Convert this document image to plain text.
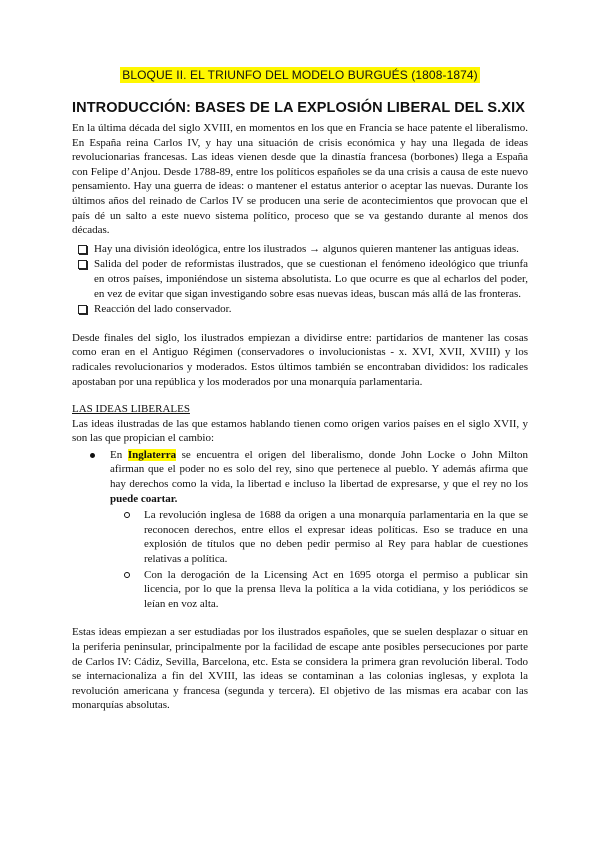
BLOQUE II. EL TRIUNFO DEL MODELO BURGUÉS (1808-1874)
INTRODUCCIÓN: BASES DE LA EXPLOSIÓN LIBERAL DEL S.XIX

En la última década del siglo XVIII, en momentos en los que en Francia se hace patente el liberalismo. En España reina Carlos IV, y hay una situación de crisis económica y hay una llegada de ideas revolucionarias francesas. Las ideas vienen desde que la dinastía francesa (borbones) llega a España con Felipe d’Anjou. Desde 1788-89, entre los políticos españoles se da una crisis a causa de este nuevo pensamiento. Hay una guerra de ideas: o mantener el estatus anterior o aceptar las nuevas. Durante los últimos años del reinado de Carlos IV se producen una serie de acontecimientos que provocan que el país dé un salto a este nuevo sistema político, proceso que se va gestando durante al menos dos décadas.

Hay una división ideológica, entre los ilustrados → algunos quieren mantener las antiguas ideas.
Salida del poder de reformistas ilustrados, que se cuestionan el fenómeno ideológico que triunfa en otros países, imponiéndose un sistema absolutista. Lo que ocurre es que al echarlos del poder, en vez de evitar que sigan investigando sobre esas nuevas ideas, buscan más allá de las fronteras.
Reacción del lado conservador.

Desde finales del siglo, los ilustrados empiezan a dividirse entre: partidarios de mantener las cosas como eran en el Antiguo Régimen (conservadores o involucionistas - x. XVI, XVII, XVIII) y los radicales revolucionarios y moderados. Estos últimos también se encontraban divididos: los radicales apostaban por una república y los moderados por una monarquía parlamentaria.

LAS IDEAS LIBERALES

Las ideas ilustradas de las que estamos hablando tienen como origen varios países en el siglo XVII, y son las que propician el cambio:

En Inglaterra se encuentra el origen del liberalismo, donde John Locke o John Milton afirman que el poder no es solo del rey, sino que pertenece al pueblo. Y además afirma que hay derechos como la vida, la libertad e incluso la libertad de expresarse, y que el rey no los puede coartar.
La revolución inglesa de 1688 da origen a una monarquía parlamentaria en la que se reconocen derechos, entre ellos el expresar ideas políticas. Eso se traduce en una explosión de títulos que no deben pedir permiso al Rey para hablar de cuestiones relativas a política.
Con la derogación de la Licensing Act en 1695 otorga el permiso a publicar sin licencia, por lo que la prensa lleva la política a la vida cotidiana, y los periódicos se leían en voz alta.

Estas ideas empiezan a ser estudiadas por los ilustrados españoles, que se suelen desplazar o situar en la periferia peninsular, principalmente por la facilidad de escape ante posibles persecuciones por parte de Carlos IV: Cádiz, Sevilla, Barcelona, etc. Esta se considera la primera gran revolución liberal. Todo se internacionaliza a fin del XVIII, las ideas se contaminan a las colonias inglesas, y explota la revolución americana y francesa (segunda y tercera). El objetivo de las mismas era acabar con las monarquías absolutas.
